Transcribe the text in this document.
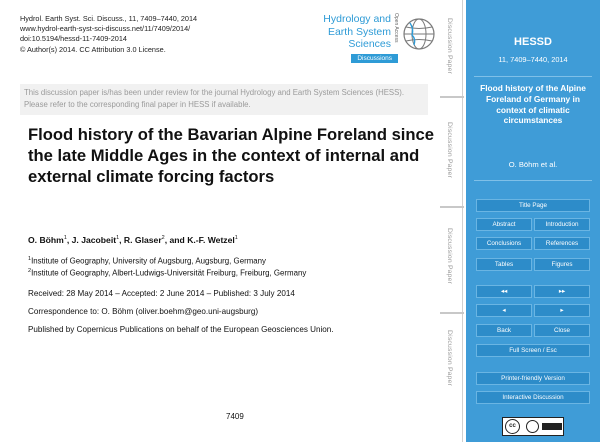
Hydrol. Earth Syst. Sci. Discuss., 11, 7409–7440, 2014
www.hydrol-earth-syst-sci-discuss.net/11/7409/2014/
doi:10.5194/hessd-11-7409-2014
© Author(s) 2014. CC Attribution 3.0 License.
Hydrology and
Earth System
Sciences
Discussions
Open Access
This discussion paper is/has been under review for the journal Hydrology and Earth System Sciences (HESS). Please refer to the corresponding final paper in HESS if available.
Flood history of the Bavarian Alpine Foreland since the late Middle Ages in the context of internal and external climate forcing factors
O. Böhm$^1$, J. Jacobeit$^1$, R. Glaser$^2$, and K.-F. Wetzel$^1$
$^1$Institute of Geography, University of Augsburg, Augsburg, Germany
$^2$Institute of Geography, Albert-Ludwigs-Universität Freiburg, Freiburg, Germany
Received: 28 May 2014 – Accepted: 2 June 2014 – Published: 3 July 2014
Correspondence to: O. Böhm (oliver.boehm@geo.uni-augsburg)
Published by Copernicus Publications on behalf of the European Geosciences Union.
7409
Discussion Paper
Discussion Paper
Discussion Paper
Discussion Paper
HESSD
11, 7409–7440, 2014
Flood history of the Alpine Foreland of Germany in context of climatic circumstances
O. Böhm et al.
Title Page
Abstract	Introduction
Conclusions	References
Tables	Figures
◂◂	▸▸
◂	▸
Back	Close
Full Screen / Esc
Printer-friendly Version
Interactive Discussion
cc
